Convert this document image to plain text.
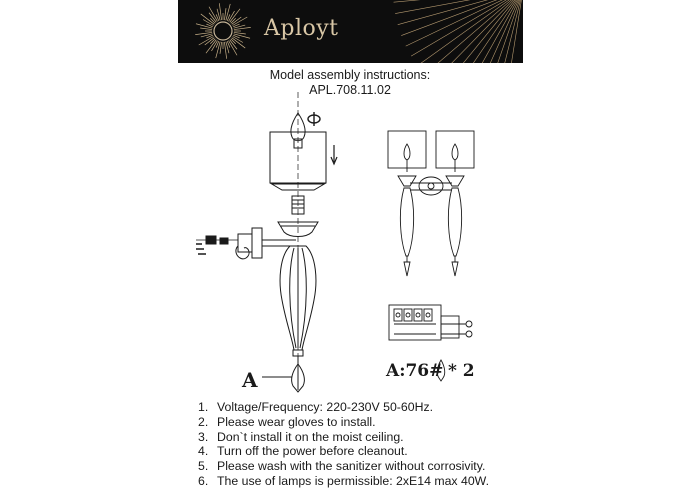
Aployt
Model assembly instructions:
APL.708.11.02
A	A:76# * 2
1. Voltage/Frequency: 220-230V 50-60Hz.
2. Please wear gloves to install.
3. Don`t install it on the moist ceiling.
4. Turn off the power before cleanout.
5. Please wash with the sanitizer without corrosivity.
6. The use of lamps is permissible: 2xE14 max 40W.
